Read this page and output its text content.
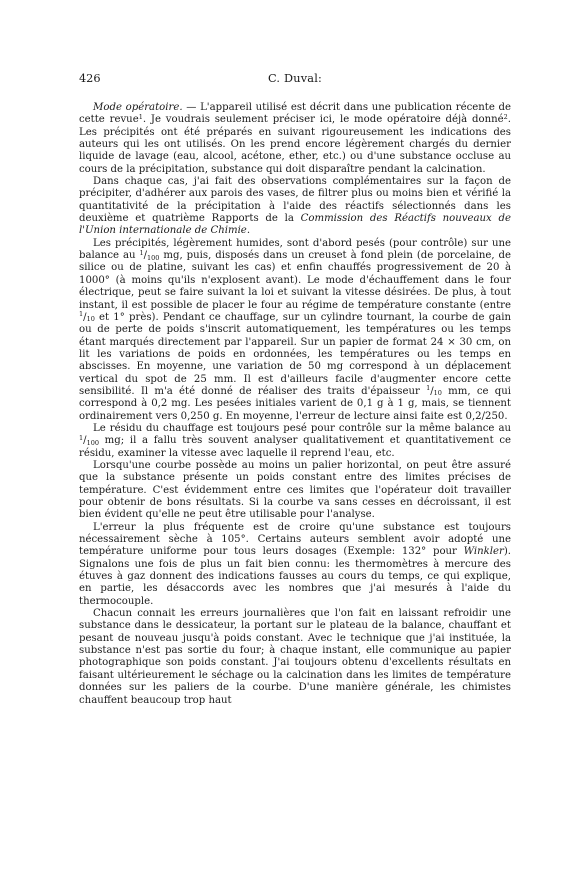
426	C. Duval:

Mode opératoire. — L'appareil utilisé est décrit dans une publication récente de cette revue$^1$. Je voudrais seulement préciser ici, le mode opératoire déjà donné$^2$. Les précipités ont été préparés en suivant rigoureusement les indications des auteurs qui les ont utilisés. On les prend encore légèrement chargés du dernier liquide de lavage (eau, alcool, acétone, ether, etc.) ou d'une substance occluse au cours de la précipitation, substance qui doit disparaître pendant la calcination.

Dans chaque cas, j'ai fait des observations complémentaires sur la façon de précipiter, d'adhérer aux parois des vases, de filtrer plus ou moins bien et vérifié la quantitativité de la précipitation à l'aide des réactifs sélectionnés dans les deuxième et quatrième Rapports de la Commission des Réactifs nouveaux de l'Union internationale de Chimie.

Les précipités, légèrement humides, sont d'abord pesés (pour contrôle) sur une balance au $^1/_{100}$ mg, puis, disposés dans un creuset à fond plein (de porcelaine, de silice ou de platine, suivant les cas) et enfin chauffés progressivement de 20 à 1000° (à moins qu'ils n'explosent avant). Le mode d'échauffement dans le four électrique, peut se faire suivant la loi et suivant la vitesse désirées. De plus, à tout instant, il est possible de placer le four au régime de température constante (entre $^1/_{10}$ et 1° près). Pendant ce chauffage, sur un cylindre tournant, la courbe de gain ou de perte de poids s'inscrit automatiquement, les températures ou les temps étant marqués directement par l'appareil. Sur un papier de format 24 × 30 cm, on lit les variations de poids en ordonnées, les températures ou les temps en abscisses. En moyenne, une variation de 50 mg correspond à un déplacement vertical du spot de 25 mm. Il est d'ailleurs facile d'augmenter encore cette sensibilité. Il m'a été donné de réaliser des traits d'épaisseur $^1/_{10}$ mm, ce qui correspond à 0,2 mg. Les pesées initiales varient de 0,1 g à 1 g, mais, se tiennent ordinairement vers 0,250 g. En moyenne, l'erreur de lecture ainsi faite est 0,2/250.

Le résidu du chauffage est toujours pesé pour contrôle sur la même balance au $^1/_{100}$ mg; il a fallu très souvent analyser qualitativement et quantitativement ce résidu, examiner la vitesse avec laquelle il reprend l'eau, etc.

Lorsqu'une courbe possède au moins un palier horizontal, on peut être assuré que la substance présente un poids constant entre des limites précises de température. C'est évidemment entre ces limites que l'opérateur doit travailler pour obtenir de bons résultats. Si la courbe va sans cesses en décroissant, il est bien évident qu'elle ne peut être utilisable pour l'analyse.

L'erreur la plus fréquente est de croire qu'une substance est toujours nécessairement sèche à 105°. Certains auteurs semblent avoir adopté une température uniforme pour tous leurs dosages (Exemple: 132° pour Winkler). Signalons une fois de plus un fait bien connu: les thermomètres à mercure des étuves à gaz donnent des indications fausses au cours du temps, ce qui explique, en partie, les désaccords avec les nombres que j'ai mesurés à l'aide du thermocouple.

Chacun connait les erreurs journalières que l'on fait en laissant refroidir une substance dans le dessicateur, la portant sur le plateau de la balance, chauffant et pesant de nouveau jusqu'à poids constant. Avec le technique que j'ai instituée, la substance n'est pas sortie du four; à chaque instant, elle communique au papier photographique son poids constant. J'ai toujours obtenu d'excellents résultats en faisant ultérieurement le séchage ou la calcination dans les limites de température données sur les paliers de la courbe. D'une manière générale, les chimistes chauffent beaucoup trop haut
